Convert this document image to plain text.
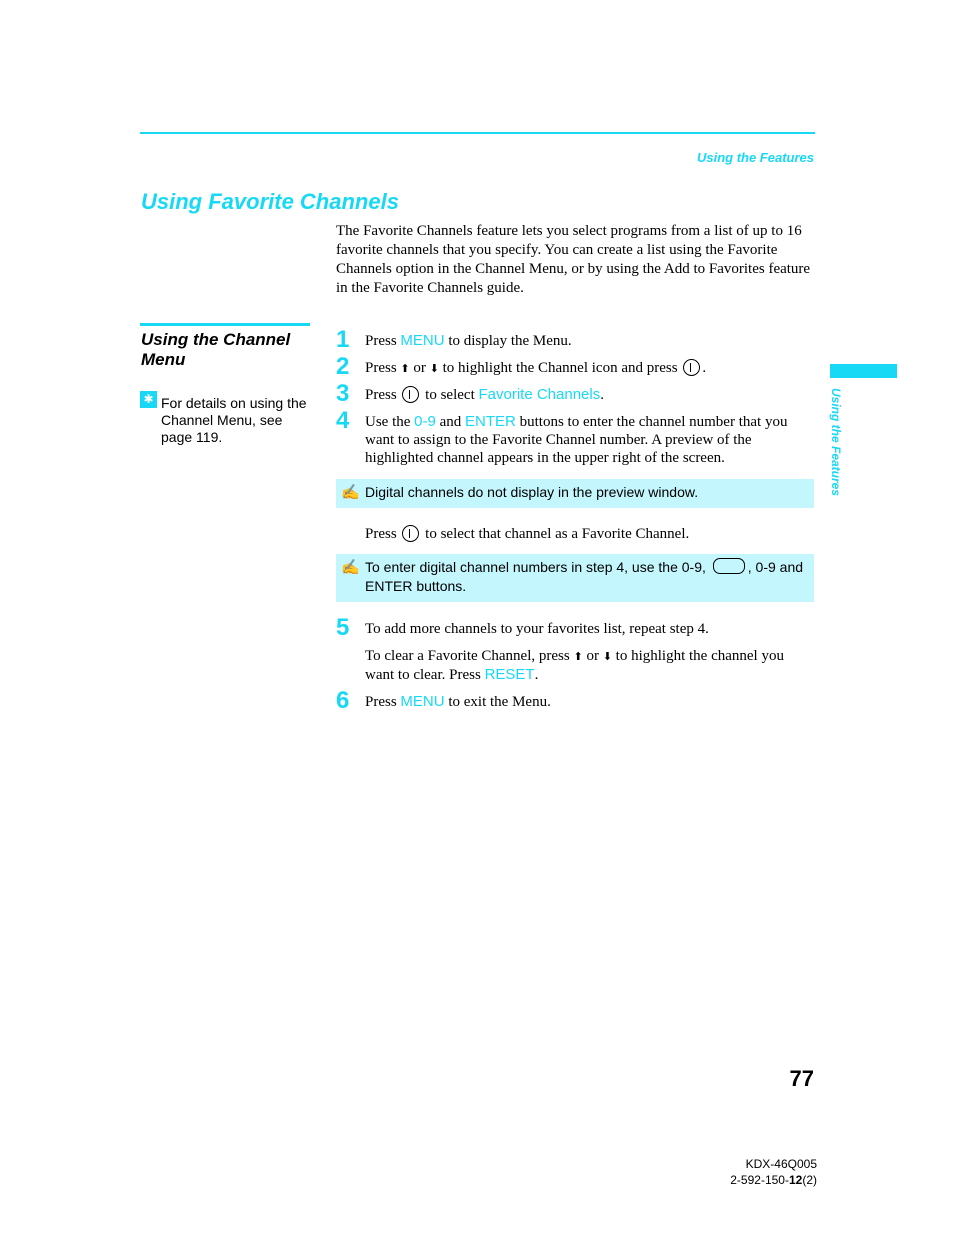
Using the Features
Using Favorite Channels

The Favorite Channels feature lets you select programs from a list of up to 16 favorite channels that you specify. You can create a list using the Favorite Channels option in the Channel Menu, or by using the Add to Favorites feature in the Favorite Channels guide.

Using the Channel Menu
✱ For details on using the Channel Menu, see page 119.	Using the Features
1 Press MENU to display the Menu.
2 Press ⬆ or ⬇ to highlight the Channel icon and press .
3 Press to select Favorite Channels.
4 Use the 0-9 and ENTER buttons to enter the channel number that you want to assign to the Favorite Channel number. A preview of the highlighted channel appears in the upper right of the screen.
✍ Digital channels do not display in the preview window.
Press to select that channel as a Favorite Channel.
✍ To enter digital channel numbers in step 4, use the 0-9,	, 0-9 and ENTER buttons.
5 To add more channels to your favorites list, repeat step 4.
To clear a Favorite Channel, press ⬆ or ⬇ to highlight the channel you want to clear. Press RESET.
6 Press MENU to exit the Menu.
77
KDX-46Q005
2-592-150-12(2)
